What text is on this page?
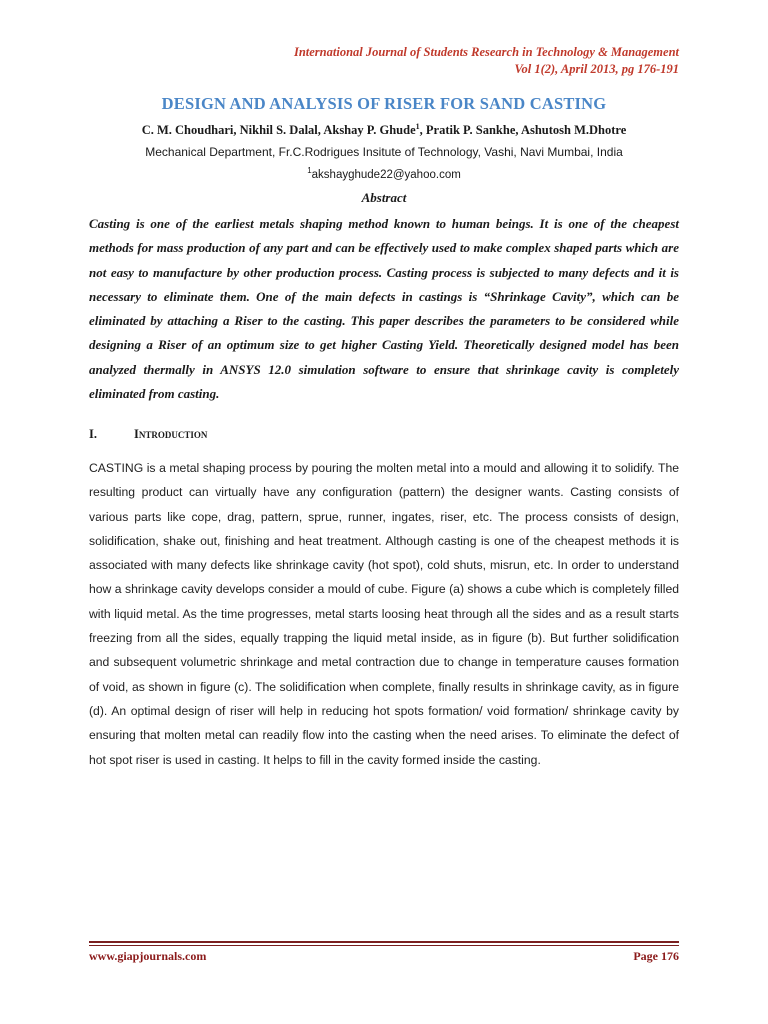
International Journal of Students Research in Technology & Management
Vol 1(2), April 2013, pg 176-191
DESIGN AND ANALYSIS OF RISER FOR SAND CASTING
C. M. Choudhari, Nikhil S. Dalal, Akshay P. Ghude$^1$, Pratik P. Sankhe, Ashutosh M.Dhotre
Mechanical Department, Fr.C.Rodrigues Insitute of Technology, Vashi, Navi Mumbai, India
$^1$akshayghude22@yahoo.com
Abstract
Casting is one of the earliest metals shaping method known to human beings. It is one of the cheapest methods for mass production of any part and can be effectively used to make complex shaped parts which are not easy to manufacture by other production process. Casting process is subjected to many defects and it is necessary to eliminate them. One of the main defects in castings is “Shrinkage Cavity”, which can be eliminated by attaching a Riser to the casting. This paper describes the parameters to be considered while designing a Riser of an optimum size to get higher Casting Yield. Theoretically designed model has been analyzed thermally in ANSYS 12.0 simulation software to ensure that shrinkage cavity is completely eliminated from casting.
I.	Introduction
CASTING is a metal shaping process by pouring the molten metal into a mould and allowing it to solidify. The resulting product can virtually have any configuration (pattern) the designer wants. Casting consists of various parts like cope, drag, pattern, sprue, runner, ingates, riser, etc. The process consists of design, solidification, shake out, finishing and heat treatment. Although casting is one of the cheapest methods it is associated with many defects like shrinkage cavity (hot spot), cold shuts, misrun, etc. In order to understand how a shrinkage cavity develops consider a mould of cube. Figure (a) shows a cube which is completely filled with liquid metal. As the time progresses, metal starts loosing heat through all the sides and as a result starts freezing from all the sides, equally trapping the liquid metal inside, as in figure (b). But further solidification and subsequent volumetric shrinkage and metal contraction due to change in temperature causes formation of void, as shown in figure (c). The solidification when complete, finally results in shrinkage cavity, as in figure (d). An optimal design of riser will help in reducing hot spots formation/ void formation/ shrinkage cavity by ensuring that molten metal can readily flow into the casting when the need arises. To eliminate the defect of hot spot riser is used in casting. It helps to fill in the cavity formed inside the casting.
www.giapjournals.com	Page 176
